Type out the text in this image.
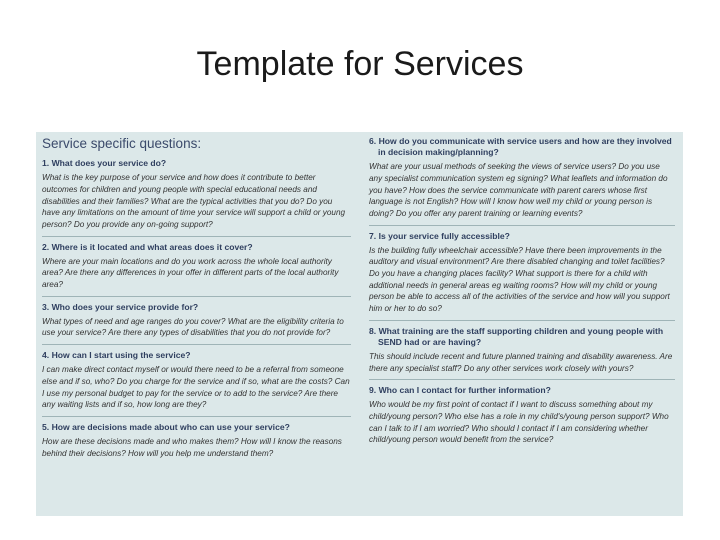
Template for Services
Service specific questions:
1. What does your service do?
What is the key purpose of your service and how does it contribute to better outcomes for children and young people with special educational needs and disabilities and their families? What are the typical activities that you do? Do you have any limitations on the amount of time your service will support a child or young person? Do you provide any on-going support?
2. Where is it located and what areas does it cover?
Where are your main locations and do you work across the whole local authority area? Are there any differences in your offer in different parts of the local authority area?
3. Who does your service provide for?
What types of need and age ranges do you cover? What are the eligibility criteria to use your service? Are there any types of disabilities that you do not provide for?
4. How can I start using the service?
I can make direct contact myself or would there need to be a referral from someone else and if so, who? Do you charge for the service and if so, what are the costs? Can I use my personal budget to pay for the service or to add to the service? Are there any waiting lists and if so, how long are they?
5. How are decisions made about who can use your service?
How are these decisions made and who makes them? How will I know the reasons behind their decisions? How will you help me understand them?
6. How do you communicate with service users and how are they involved in decision making/planning?
What are your usual methods of seeking the views of service users? Do you use any specialist communication system eg signing? What leaflets and information do you have? How does the service communicate with parent carers whose first language is not English? How will I know how well my child or young person is doing? Do you offer any parent training or learning events?
7. Is your service fully accessible?
Is the building fully wheelchair accessible? Have there been improvements in the auditory and visual environment? Are there disabled changing and toilet facilities? Do you have a changing places facility? What support is there for a child with additional needs in general areas eg waiting rooms? How will my child or young person be able to access all of the activities of the service and how will you support him or her to do so?
8. What training are the staff supporting children and young people with SEND had or are having?
This should include recent and future planned training and disability awareness. Are there any specialist staff? Do any other services work closely with yours?
9. Who can I contact for further information?
Who would be my first point of contact if I want to discuss something about my child/young person? Who else has a role in my child's/young person support? Who can I talk to if I am worried? Who should I contact if I am considering whether child/young person would benefit from the service?
